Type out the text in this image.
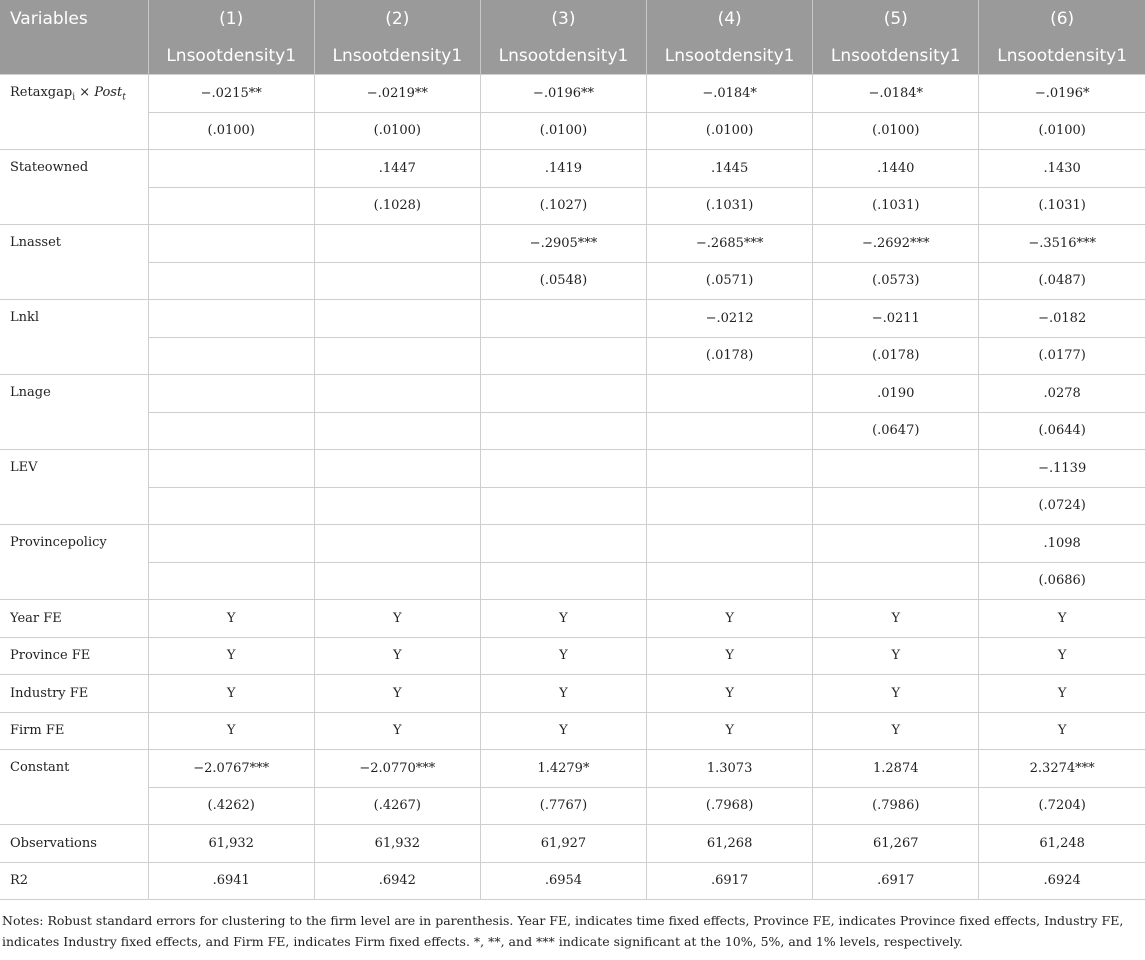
Variables	(1)	(2)	(3)	(4)	(5)	(6)
	Lnsootdensity1	Lnsootdensity1	Lnsootdensity1	Lnsootdensity1	Lnsootdensity1	Lnsootdensity1
Retaxgap$_i$ × Post$_t$	−.0215**	−.0219**	−.0196**	−.0184*	−.0184*	−.0196*
	(.0100)	(.0100)	(.0100)	(.0100)	(.0100)	(.0100)
Stateowned		.1447	.1419	.1445	.1440	.1430
		(.1028)	(.1027)	(.1031)	(.1031)	(.1031)
Lnasset			−.2905***	−.2685***	−.2692***	−.3516***
			(.0548)	(.0571)	(.0573)	(.0487)
Lnkl				−.0212	−.0211	−.0182
				(.0178)	(.0178)	(.0177)
Lnage					.0190	.0278
					(.0647)	(.0644)
LEV						−.1139
						(.0724)
Provincepolicy						.1098
						(.0686)
Year FE	Y	Y	Y	Y	Y	Y
Province FE	Y	Y	Y	Y	Y	Y
Industry FE	Y	Y	Y	Y	Y	Y
Firm FE	Y	Y	Y	Y	Y	Y
Constant	−2.0767***	−2.0770***	1.4279*	1.3073	1.2874	2.3274***
	(.4262)	(.4267)	(.7767)	(.7968)	(.7986)	(.7204)
Observations	61,932	61,932	61,927	61,268	61,267	61,248
R2	.6941	.6942	.6954	.6917	.6917	.6924
Notes: Robust standard errors for clustering to the firm level are in parenthesis. Year FE, indicates time fixed effects, Province FE, indicates Province fixed effects, Industry FE, indicates Industry fixed effects, and Firm FE, indicates Firm fixed effects. *, **, and *** indicate significant at the 10%, 5%, and 1% levels, respectively.
